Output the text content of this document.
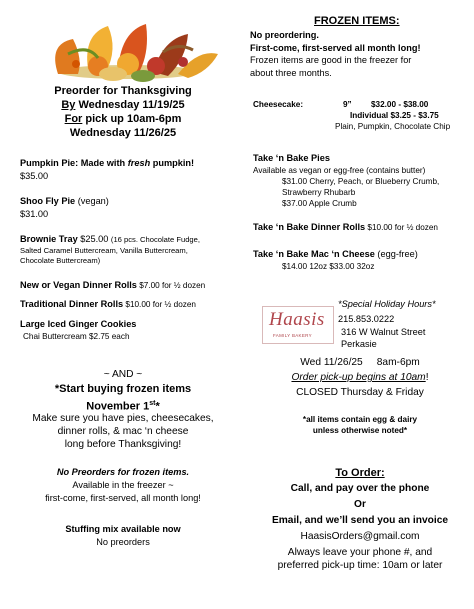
Preorder for Thanksgiving
By Wednesday 11/19/25
For pick up 10am-6pm
Wednesday 11/26/25
Pumpkin Pie: Made with fresh pumpkin!
$35.00
Shoo Fly Pie (vegan)
$31.00
Brownie Tray $25.00 (16 pcs. Chocolate Fudge,
Salted Caramel Buttercream, Vanilla Buttercream,
Chocolate Buttercream)
New or Vegan Dinner Rolls $7.00 for ½ dozen
Traditional Dinner Rolls $10.00 for ½ dozen
Large Iced Ginger Cookies
Chai Buttercream $2.75 each
~ AND ~
*Start buying frozen items
November 1st*
Make sure you have pies, cheesecakes,
dinner rolls, & mac ‘n cheese
long before Thanksgiving!
No Preorders for frozen items.
Available in the freezer ~
first-come, first-served, all month long!
Stuffing mix available now
No preorders
FROZEN ITEMS:
No preordering.
First-come, first-served all month long!
Frozen items are good in the freezer for
about three months.
Cheesecake:	9” $32.00 - $38.00
Individual $3.25 - $3.75
Plain, Pumpkin, Chocolate Chip
Take ‘n Bake Pies
Available as vegan or egg-free (contains butter)
$31.00 Cherry, Peach, or Blueberry Crumb,
Strawberry Rhubarb
$37.00 Apple Crumb
Take ‘n Bake Dinner Rolls $10.00 for ½ dozen
Take ‘n Bake Mac ‘n Cheese (egg-free)
$14.00 12oz $33.00 32oz
Haasis
FAMILY BAKERY
*Special Holiday Hours*
215.853.0222
316 W Walnut Street
Perkasie
Wed 11/26/25 8am-6pm
Order pick-up begins at 10am!
CLOSED Thursday & Friday
*all items contain egg & dairy
unless otherwise noted*
To Order:
Call, and pay over the phone
Or
Email, and we’ll send you an invoice
HaasisOrders@gmail.com
Always leave your phone #, and
preferred pick-up time: 10am or later
